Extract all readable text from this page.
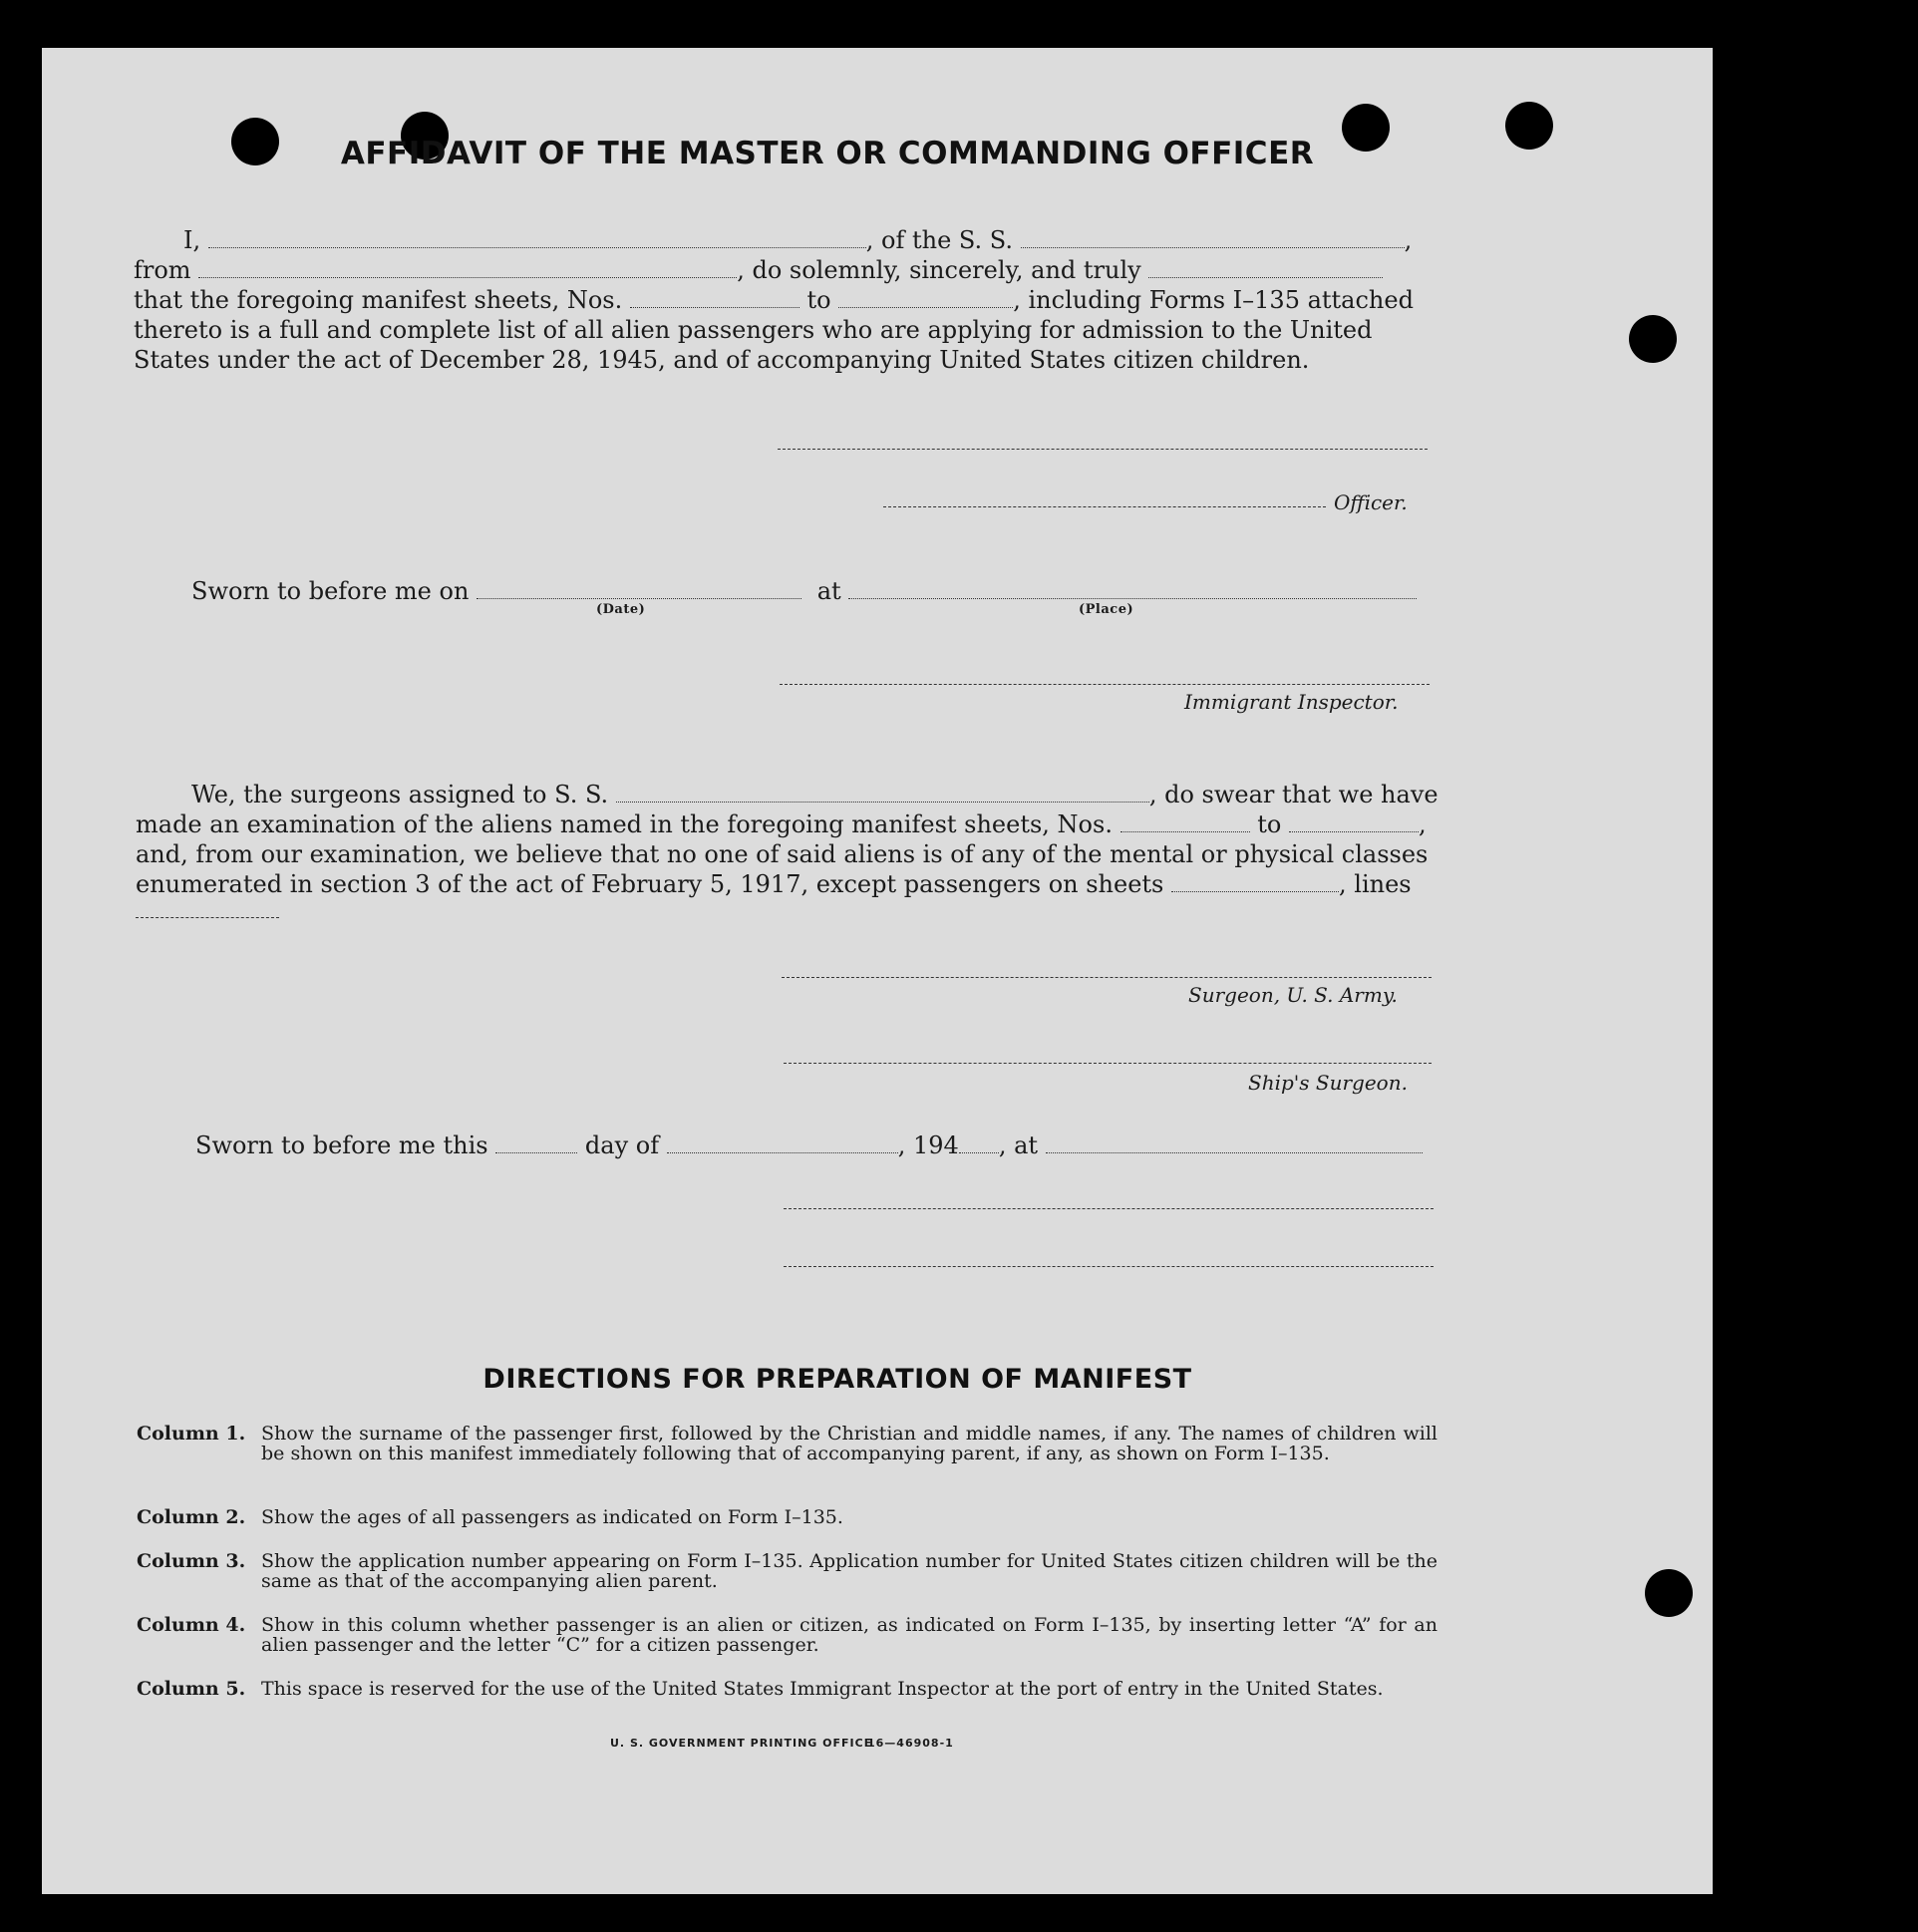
AFFIDAVIT OF THE MASTER OR COMMANDING OFFICER
I,	, of the S. S.	,
from	, do solemnly, sincerely, and truly
that the foregoing manifest sheets, Nos.	to	, including Forms I–135 attached
thereto is a full and complete list of all alien passengers who are applying for admission to the United
States under the act of December 28, 1945, and of accompanying United States citizen children.
Officer.
Sworn to before me on	at
(Date)	(Place)
Immigrant Inspector.
We, the surgeons assigned to S. S.	, do swear that we have
made an examination of the aliens named in the foregoing manifest sheets, Nos.	to	,
and, from our examination, we believe that no one of said aliens is of any of the mental or physical classes
enumerated in section 3 of the act of February 5, 1917, except passengers on sheets	, lines
Surgeon, U. S. Army.
Ship's Surgeon.
Sworn to before me this	day of	, 194 , at
DIRECTIONS FOR PREPARATION OF MANIFEST
Column 1. Show the surname of the passenger first, followed by the Christian and middle names, if any. The names of children will be shown on this manifest immediately following that of accompanying parent, if any, as shown on Form I–135.
Column 2. Show the ages of all passengers as indicated on Form I–135.
Column 3. Show the application number appearing on Form I–135. Application number for United States citizen children will be the same as that of the accompanying alien parent.
Column 4. Show in this column whether passenger is an alien or citizen, as indicated on Form I–135, by inserting letter “A” for an alien passenger and the letter “C” for a citizen passenger.
Column 5. This space is reserved for the use of the United States Immigrant Inspector at the port of entry in the United States.
U. S. GOVERNMENT PRINTING OFFICE
16—46908-1
